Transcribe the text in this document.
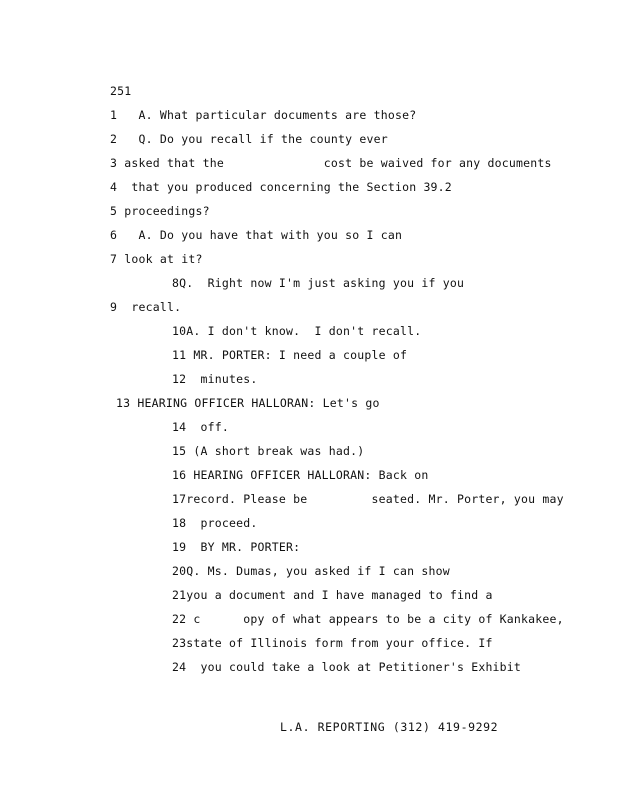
251
1   A. What particular documents are those?
2   Q. Do you recall if the county ever
3 asked that the              cost be waived for any documents
4  that you produced concerning the Section 39.2
5 proceedings?
6   A. Do you have that with you so I can
7 look at it?
8Q.  Right now I'm just asking you if you
9  recall.
10A. I don't know.  I don't recall.
11 MR. PORTER: I need a couple of
12  minutes.
13 HEARING OFFICER HALLORAN: Let's go
14  off.
15 (A short break was had.)
16 HEARING OFFICER HALLORAN: Back on
17record. Please be         seated. Mr. Porter, you may
18  proceed.
19  BY MR. PORTER:
20Q. Ms. Dumas, you asked if I can show
21you a document and I have managed to find a
22 c      opy of what appears to be a city of Kankakee,
23state of Illinois form from your office. If
24  you could take a look at Petitioner's Exhibit
L.A. REPORTING (312) 419-9292
